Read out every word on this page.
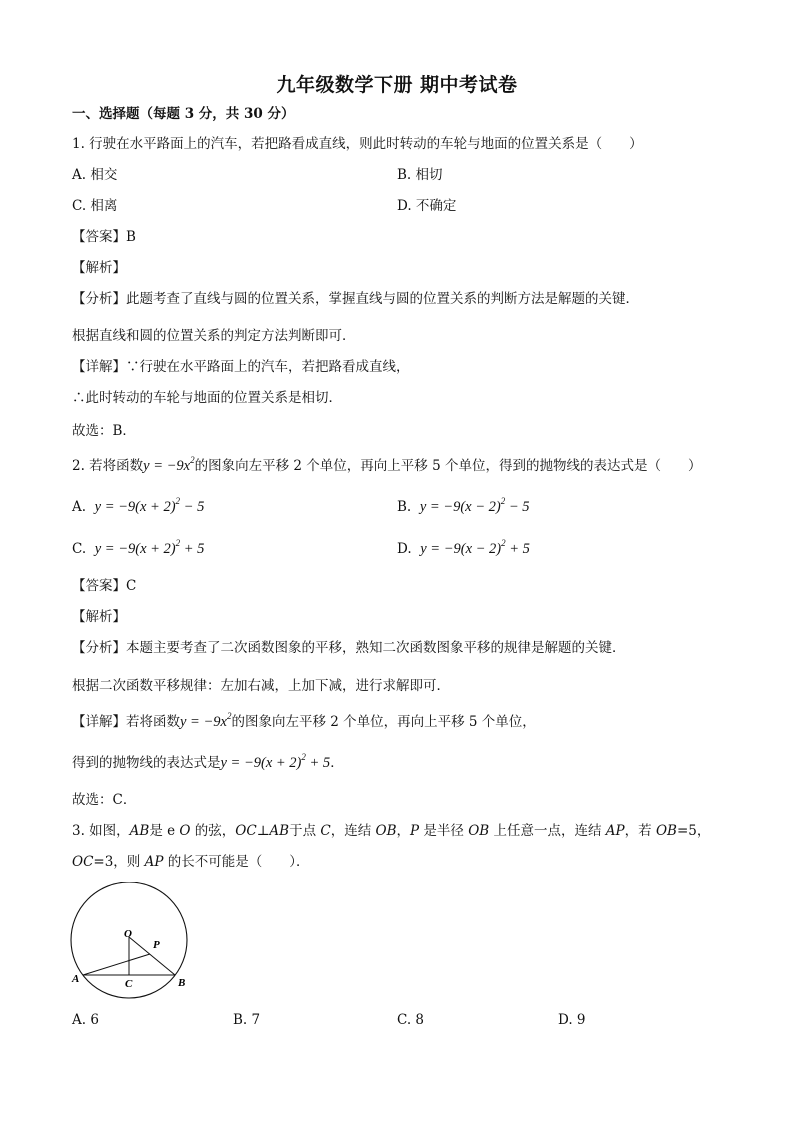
九年级数学下册 期中考试卷
一、选择题（每题 3 分，共 30 分）
1. 行驶在水平路面上的汽车，若把路看成直线，则此时转动的车轮与地面的位置关系是（　　）
A. 相交	B. 相切
C. 相离	D. 不确定
【答案】B
【解析】
【分析】此题考查了直线与圆的位置关系，掌握直线与圆的位置关系的判断方法是解题的关键．
根据直线和圆的位置关系的判定方法判断即可．
【详解】∵行驶在水平路面上的汽车，若把路看成直线，
∴此时转动的车轮与地面的位置关系是相切．
故选：B．
2. 若将函数$y = -9x^2$的图象向左平移 2 个单位，再向上平移 5 个单位，得到的抛物线的表达式是（　　）
A. $y = -9(x + 2)^2 - 5$	B. $y = -9(x - 2)^2 - 5$
C. $y = -9(x + 2)^2 + 5$	D. $y = -9(x - 2)^2 + 5$
【答案】C
【解析】
【分析】本题主要考查了二次函数图象的平移，熟知二次函数图象平移的规律是解题的关键．
根据二次函数平移规律：左加右减，上加下减，进行求解即可．
【详解】若将函数$y = -9x^2$的图象向左平移 2 个单位，再向上平移 5 个单位，
得到的抛物线的表达式是$y = -9(x + 2)^2 + 5$．
故选：C．
3. 如图，AB是 e O 的弦，OC⊥AB于点 C，连结 OB，P 是半径 OB 上任意一点，连结 AP，若 OB=5，
OC=3，则 AP 的长不可能是（　　）．
O
P
A	B
C
A. 6	B. 7	C. 8	D. 9
